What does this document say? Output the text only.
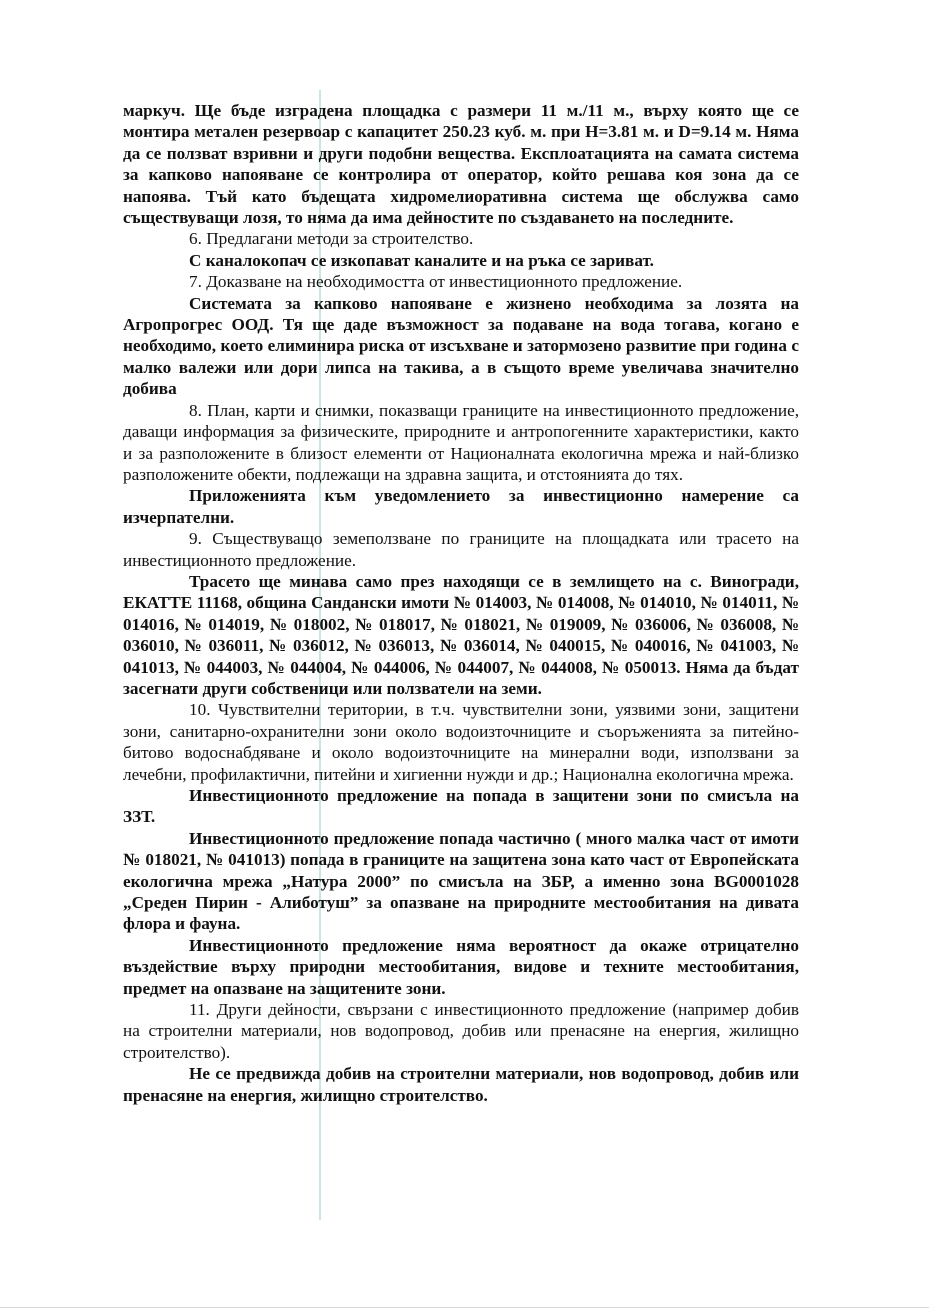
маркуч. Ще бъде изградена площадка с размери 11 м./11 м., върху която ще се монтира метален резервоар с капацитет 250.23 куб. м. при H=3.81 м. и D=9.14 м. Няма да се ползват взривни и други подобни вещества. Експлоатацията на самата система за капково напояване се контролира от оператор, който решава коя зона да се напоява. Тъй като бъдещата хидромелиоративна система ще обслужва само съществуващи лозя, то няма да има дейностите по създаването на последните.

6. Предлагани методи за строителство.

С каналокопач се изкопават каналите и на ръка се зариват.

7. Доказване на необходимостта от инвестиционното предложение.

Системата за капково напояване е жизнено необходима за лозята на Агропрогрес ООД. Тя ще даде възможност за подаване на вода тогава, когано е необходимо, което елиминира риска от изсъхване и затормозено развитие при година с малко валежи или дори липса на такива, а в същото време увеличава значително добива

8. План, карти и снимки, показващи границите на инвестиционното предложение, даващи информация за физическите, природните и антропогенните характеристики, както и за разположените в близост елементи от Националната екологична мрежа и най-близко разположените обекти, подлежащи на здравна защита, и отстоянията до тях.

Приложенията към уведомлението за инвестиционно намерение са изчерпателни.

9. Съществуващо земеползване по границите на площадката или трасето на инвестиционното предложение.

Трасето ще минава само през находящи се в землището на с. Виногради, ЕКАТТЕ 11168, община Сандански имоти № 014003, № 014008, № 014010, № 014011, № 014016, № 014019, № 018002, № 018017, № 018021, № 019009, № 036006, № 036008, № 036010, № 036011, № 036012, № 036013, № 036014, № 040015, № 040016, № 041003, № 041013, № 044003, № 044004, № 044006, № 044007, № 044008, № 050013. Няма да бъдат засегнати други собственици или ползватели на земи.

10. Чувствителни територии, в т.ч. чувствителни зони, уязвими зони, защитени зони, санитарно-охранителни зони около водоизточниците и съоръженията за питейно-битово водоснабдяване и около водоизточниците на минерални води, използвани за лечебни, профилактични, питейни и хигиенни нужди и др.; Национална екологична мрежа.

Инвестиционното предложение на попада в защитени зони по смисъла на ЗЗТ.

Инвестиционното предложение попада частично ( много малка част от имоти № 018021, № 041013) попада в границите на защитена зона като част от Европейската екологична мрежа „Натура 2000” по смисъла на ЗБР, а именно зона BG0001028 „Среден Пирин - Алиботуш” за опазване на природните местообитания на дивата флора и фауна.

Инвестиционното предложение няма вероятност да окаже отрицателно въздействие върху природни местообитания, видове и техните местообитания, предмет на опазване на защитените зони.

11. Други дейности, свързани с инвестиционното предложение (например добив на строителни материали, нов водопровод, добив или пренасяне на енергия, жилищно строителство).

Не се предвижда добив на строителни материали, нов водопровод, добив или пренасяне на енергия, жилищно строителство.
